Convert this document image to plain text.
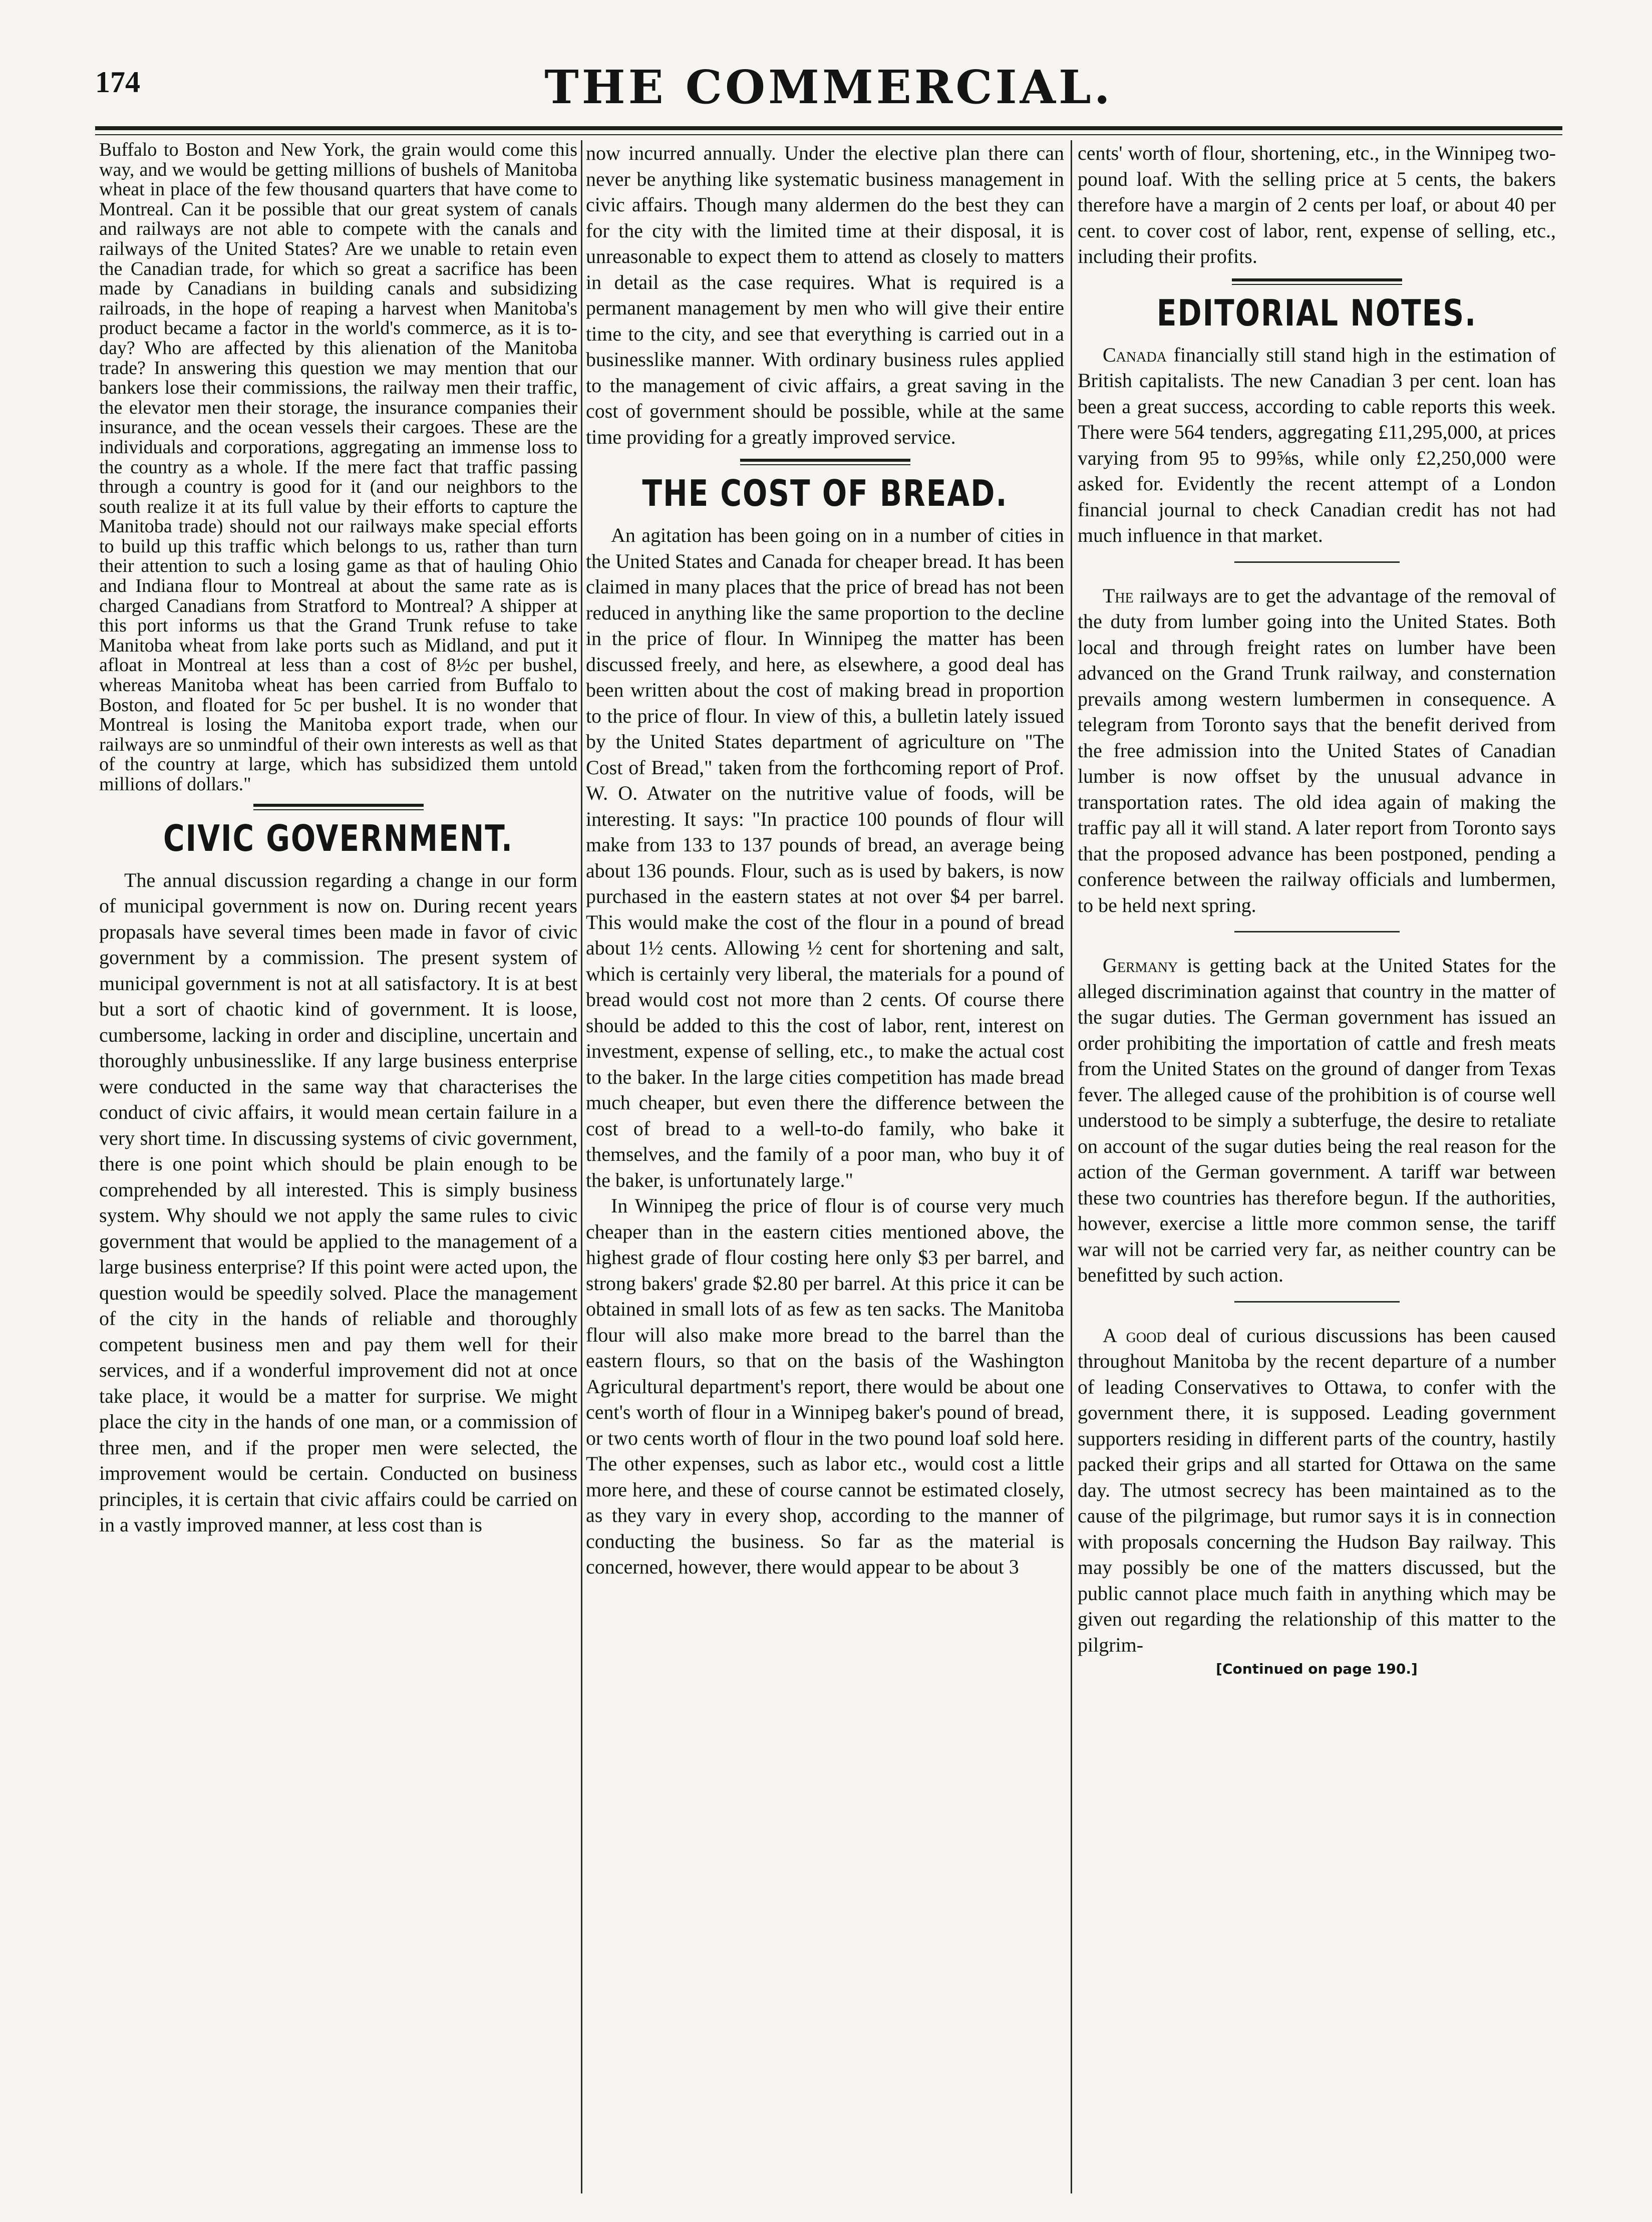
174	THE COMMERCIAL.

Buffalo to Boston and New York, the grain would come this way, and we would be getting millions of bushels of Manitoba wheat in place of the few thousand quarters that have come to Montreal. Can it be possible that our great system of canals and railways are not able to compete with the canals and railways of the United States? Are we unable to retain even the Canadian trade, for which so great a sacrifice has been made by Canadians in building canals and subsidizing railroads, in the hope of reaping a harvest when Manitoba's product became a factor in the world's commerce, as it is to-day? Who are affected by this alienation of the Manitoba trade? In answering this question we may mention that our bankers lose their commissions, the railway men their traffic, the elevator men their storage, the insurance companies their insurance, and the ocean vessels their cargoes. These are the individuals and corporations, aggregating an immense loss to the country as a whole. If the mere fact that traffic passing through a country is good for it (and our neighbors to the south realize it at its full value by their efforts to capture the Manitoba trade) should not our railways make special efforts to build up this traffic which belongs to us, rather than turn their attention to such a losing game as that of hauling Ohio and Indiana flour to Montreal at about the same rate as is charged Canadians from Stratford to Montreal? A shipper at this port informs us that the Grand Trunk refuse to take Manitoba wheat from lake ports such as Midland, and put it afloat in Montreal at less than a cost of 8½c per bushel, whereas Manitoba wheat has been carried from Buffalo to Boston, and floated for 5c per bushel. It is no wonder that Montreal is losing the Manitoba export trade, when our railways are so unmindful of their own interests as well as that of the country at large, which has subsidized them untold millions of dollars."

CIVIC GOVERNMENT.

The annual discussion regarding a change in our form of municipal government is now on. During recent years propasals have several times been made in favor of civic government by a commission. The present system of municipal government is not at all satisfactory. It is at best but a sort of chaotic kind of government. It is loose, cumbersome, lacking in order and discipline, uncertain and thoroughly unbusinesslike. If any large business enterprise were conducted in the same way that characterises the conduct of civic affairs, it would mean certain failure in a very short time. In discussing systems of civic government, there is one point which should be plain enough to be comprehended by all interested. This is simply business system. Why should we not apply the same rules to civic government that would be applied to the management of a large business enterprise? If this point were acted upon, the question would be speedily solved. Place the management of the city in the hands of reliable and thoroughly competent business men and pay them well for their services, and if a wonderful improvement did not at once take place, it would be a matter for surprise. We might place the city in the hands of one man, or a commission of three men, and if the proper men were selected, the improvement would be certain. Conducted on business principles, it is certain that civic affairs could be carried on in a vastly improved manner, at less cost than is

now incurred annually. Under the elective plan there can never be anything like systematic business management in civic affairs. Though many aldermen do the best they can for the city with the limited time at their disposal, it is unreasonable to expect them to attend as closely to matters in detail as the case requires. What is required is a permanent management by men who will give their entire time to the city, and see that everything is carried out in a businesslike manner. With ordinary business rules applied to the management of civic affairs, a great saving in the cost of government should be possible, while at the same time providing for a greatly improved service.

THE COST OF BREAD.

An agitation has been going on in a number of cities in the United States and Canada for cheaper bread. It has been claimed in many places that the price of bread has not been reduced in anything like the same proportion to the decline in the price of flour. In Winnipeg the matter has been discussed freely, and here, as elsewhere, a good deal has been written about the cost of making bread in proportion to the price of flour. In view of this, a bulletin lately issued by the United States department of agriculture on "The Cost of Bread," taken from the forthcoming report of Prof. W. O. Atwater on the nutritive value of foods, will be interesting. It says: "In practice 100 pounds of flour will make from 133 to 137 pounds of bread, an average being about 136 pounds. Flour, such as is used by bakers, is now purchased in the eastern states at not over $4 per barrel. This would make the cost of the flour in a pound of bread about 1½ cents. Allowing ½ cent for shortening and salt, which is certainly very liberal, the materials for a pound of bread would cost not more than 2 cents. Of course there should be added to this the cost of labor, rent, interest on investment, expense of selling, etc., to make the actual cost to the baker. In the large cities competition has made bread much cheaper, but even there the difference between the cost of bread to a well-to-do family, who bake it themselves, and the family of a poor man, who buy it of the baker, is unfortunately large."

In Winnipeg the price of flour is of course very much cheaper than in the eastern cities mentioned above, the highest grade of flour costing here only $3 per barrel, and strong bakers' grade $2.80 per barrel. At this price it can be obtained in small lots of as few as ten sacks. The Manitoba flour will also make more bread to the barrel than the eastern flours, so that on the basis of the Washington Agricultural department's report, there would be about one cent's worth of flour in a Winnipeg baker's pound of bread, or two cents worth of flour in the two pound loaf sold here. The other expenses, such as labor etc., would cost a little more here, and these of course cannot be estimated closely, as they vary in every shop, according to the manner of conducting the business. So far as the material is concerned, however, there would appear to be about 3

cents' worth of flour, shortening, etc., in the Winnipeg two-pound loaf. With the selling price at 5 cents, the bakers therefore have a margin of 2 cents per loaf, or about 40 per cent. to cover cost of labor, rent, expense of selling, etc., including their profits.

EDITORIAL NOTES.

Canada financially still stand high in the estimation of British capitalists. The new Canadian 3 per cent. loan has been a great success, according to cable reports this week. There were 564 tenders, aggregating £11,295,000, at prices varying from 95 to 99⅝s, while only £2,250,000 were asked for. Evidently the recent attempt of a London financial journal to check Canadian credit has not had much influence in that market.

The railways are to get the advantage of the removal of the duty from lumber going into the United States. Both local and through freight rates on lumber have been advanced on the Grand Trunk railway, and consternation prevails among western lumbermen in consequence. A telegram from Toronto says that the benefit derived from the free admission into the United States of Canadian lumber is now offset by the unusual advance in transportation rates. The old idea again of making the traffic pay all it will stand. A later report from Toronto says that the proposed advance has been postponed, pending a conference between the railway officials and lumbermen, to be held next spring.

Germany is getting back at the United States for the alleged discrimination against that country in the matter of the sugar duties. The German government has issued an order prohibiting the importation of cattle and fresh meats from the United States on the ground of danger from Texas fever. The alleged cause of the prohibition is of course well understood to be simply a subterfuge, the desire to retaliate on account of the sugar duties being the real reason for the action of the German government. A tariff war between these two countries has therefore begun. If the authorities, however, exercise a little more common sense, the tariff war will not be carried very far, as neither country can be benefitted by such action.

A good deal of curious discussions has been caused throughout Manitoba by the recent departure of a number of leading Conservatives to Ottawa, to confer with the government there, it is supposed. Leading government supporters residing in different parts of the country, hastily packed their grips and all started for Ottawa on the same day. The utmost secrecy has been maintained as to the cause of the pilgrimage, but rumor says it is in connection with proposals concerning the Hudson Bay railway. This may possibly be one of the matters discussed, but the public cannot place much faith in anything which may be given out regarding the relationship of this matter to the pilgrim-

[Continued on page 190.]
